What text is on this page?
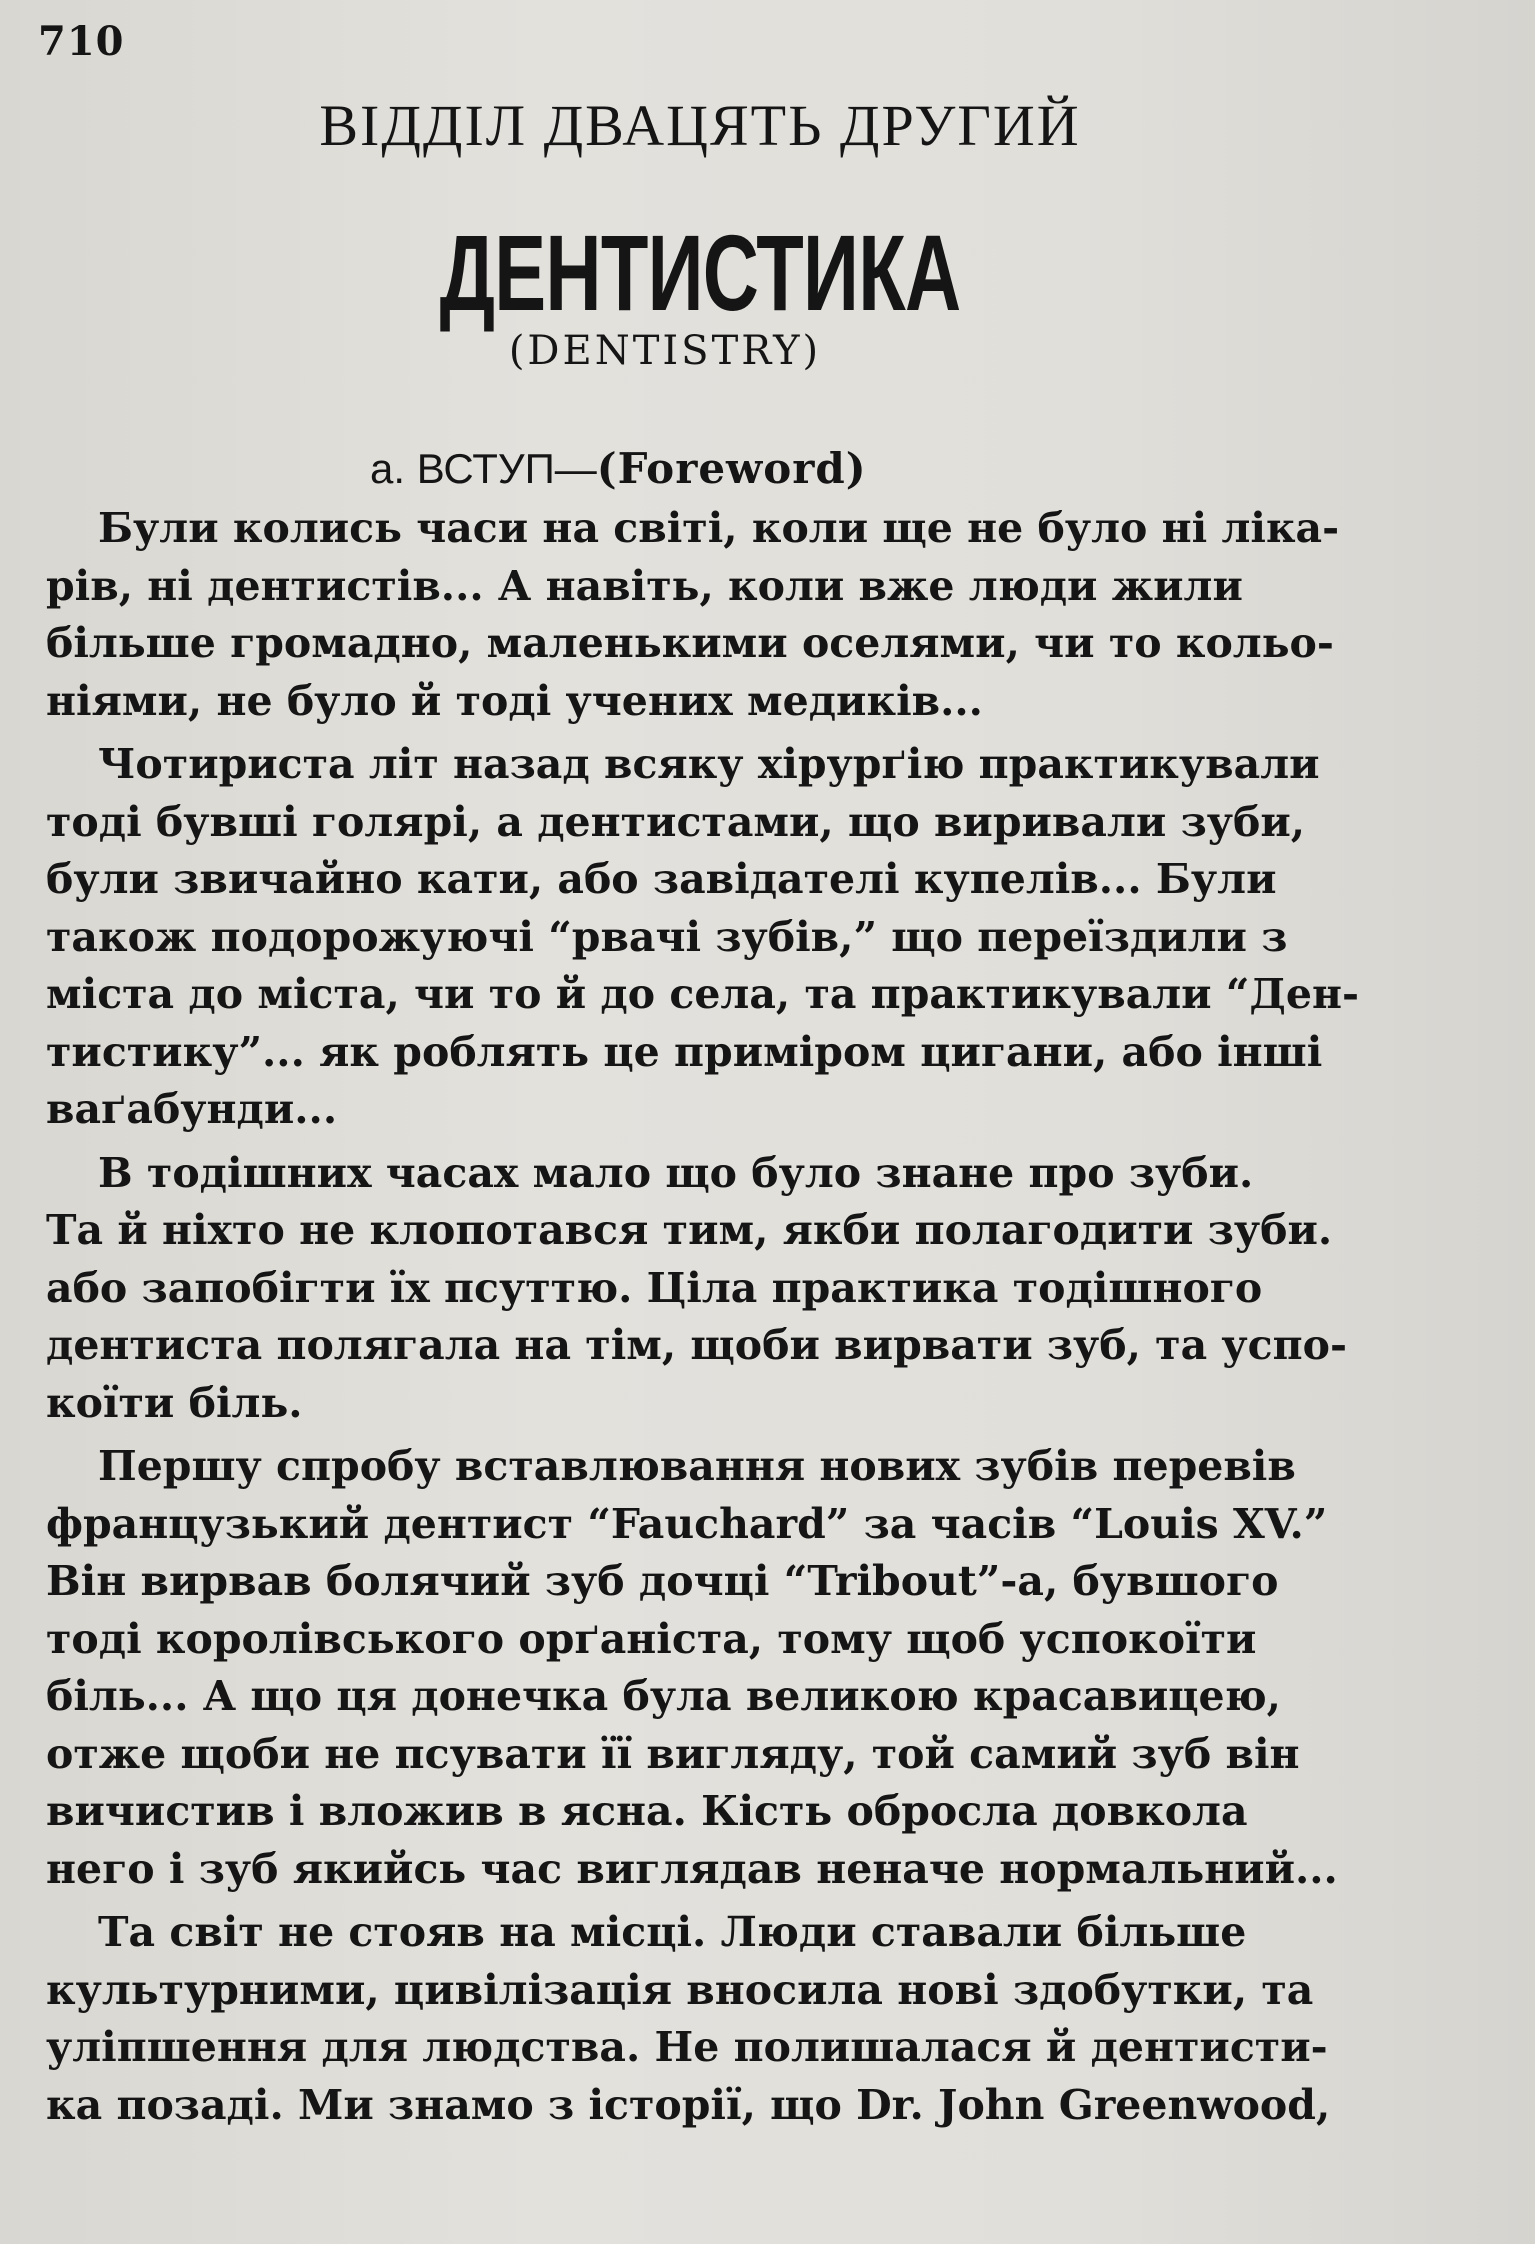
710
ВІДДІЛ ДВАЦЯТЬ ДРУГИЙ
ДЕНТИСТИКА
(DENTISTRY)
а. ВСТУП—(Foreword)
Були колись часи на світі, коли ще не було ні ліка-
рів, ні дентистів... А навіть, коли вже люди жили
більше громадно, маленькими оселями, чи то кольо-
ніями, не було й тоді учених медиків...
Чотириста літ назад всяку хірурґію практикували
тоді бувші голярі, а дентистами, що виривали зуби,
були звичайно кати, або завідателі купелів... Були
також подорожуючі “рвачі зубів,” що переїздили з
міста до міста, чи то й до села, та практикували “Ден-
тистику”... як роблять це приміром цигани, або інші
ваґабунди...
В тодішних часах мало що було знане про зуби.
Та й ніхто не клопотався тим, якби полагодити зуби.
або запобігти їх псуттю. Ціла практика тодішного
дентиста полягала на тім, щоби вирвати зуб, та успо-
коїти біль.
Першу спробу вставлювання нових зубів перевів
французький дентист “Fauchard” за часів “Louis XV.”
Він вирвав болячий зуб дочці “Tribout”-а, бувшого
тоді королівського орґаніста, тому щоб успокоїти
біль... А що ця донечка була великою красавицею,
отже щоби не псувати її вигляду, той самий зуб він
вичистив і вложив в ясна. Кість обросла довкола
него і зуб якийсь час виглядав неначе нормальний...
Та світ не стояв на місці. Люди ставали більше
культурними, цивілізація вносила нові здобутки, та
уліпшення для людства. Не полишалася й дентисти-
ка позаді. Ми знамо з історії, що Dr. John Greenwood,
